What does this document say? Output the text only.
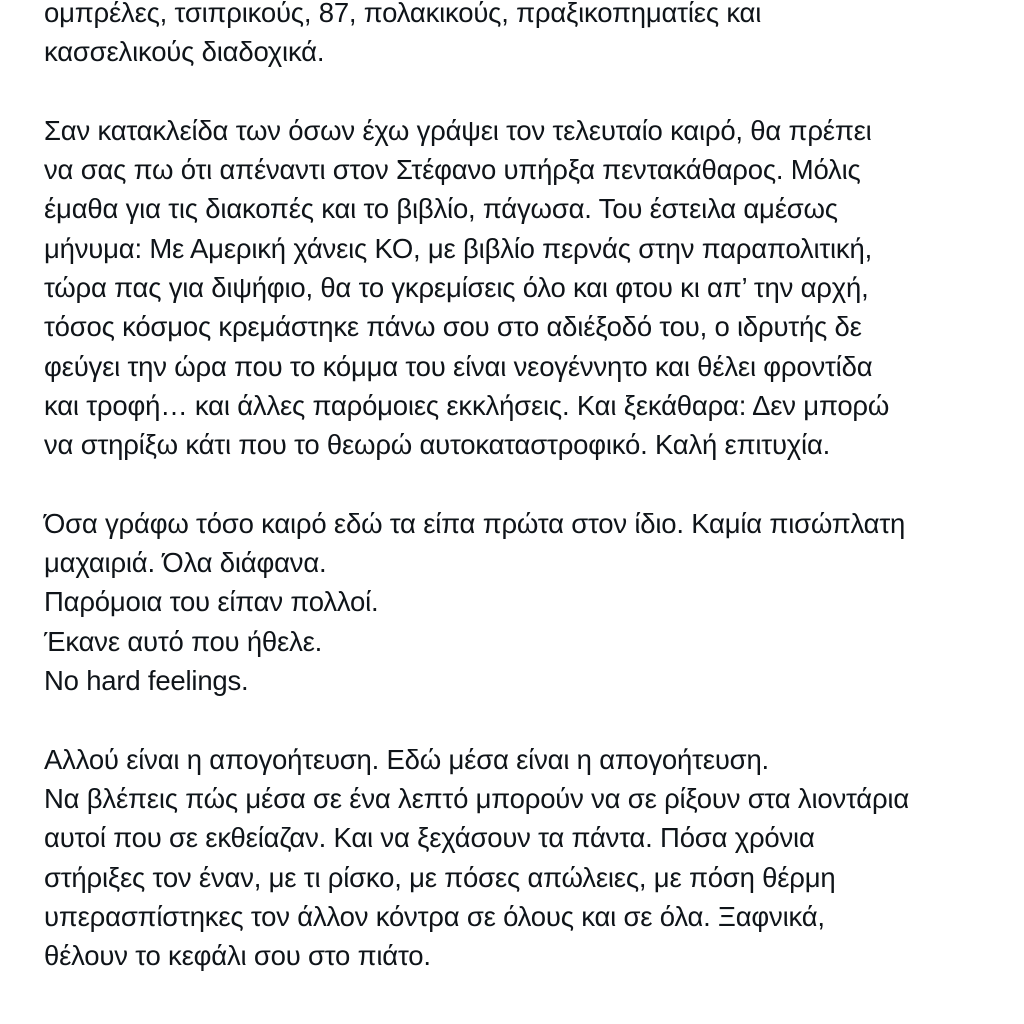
ομπρέλες, τσιπρικούς, 87, πολακικούς, πραξικοπηματίες και
κασσελικούς διαδοχικά.

Σαν κατακλείδα των όσων έχω γράψει τον τελευταίο καιρό, θα πρέπει
να σας πω ότι απέναντι στον Στέφανο υπήρξα πεντακάθαρος. Μόλις
έμαθα για τις διακοπές και το βιβλίο, πάγωσα. Του έστειλα αμέσως
μήνυμα: Με Αμερική χάνεις ΚΟ, με βιβλίο περνάς στην παραπολιτική,
τώρα πας για διψήφιο, θα το γκρεμίσεις όλο και φτου κι απ’ την αρχή,
τόσος κόσμος κρεμάστηκε πάνω σου στο αδιέξοδό του, ο ιδρυτής δε
φεύγει την ώρα που το κόμμα του είναι νεογέννητο και θέλει φροντίδα
και τροφή… και άλλες παρόμοιες εκκλήσεις. Και ξεκάθαρα: Δεν μπορώ
να στηρίξω κάτι που το θεωρώ αυτοκαταστροφικό. Καλή επιτυχία.

Όσα γράφω τόσο καιρό εδώ τα είπα πρώτα στον ίδιο. Καμία πισώπλατη
μαχαιριά. Όλα διάφανα.
Παρόμοια του είπαν πολλοί.
Έκανε αυτό που ήθελε.
No hard feelings.

Αλλού είναι η απογοήτευση. Εδώ μέσα είναι η απογοήτευση.
Να βλέπεις πώς μέσα σε ένα λεπτό μπορούν να σε ρίξουν στα λιοντάρια
αυτοί που σε εκθείαζαν. Και να ξεχάσουν τα πάντα. Πόσα χρόνια
στήριξες τον έναν, με τι ρίσκο, με πόσες απώλειες, με πόση θέρμη
υπερασπίστηκες τον άλλον κόντρα σε όλους και σε όλα. Ξαφνικά,
θέλουν το κεφάλι σου στο πιάτο.
